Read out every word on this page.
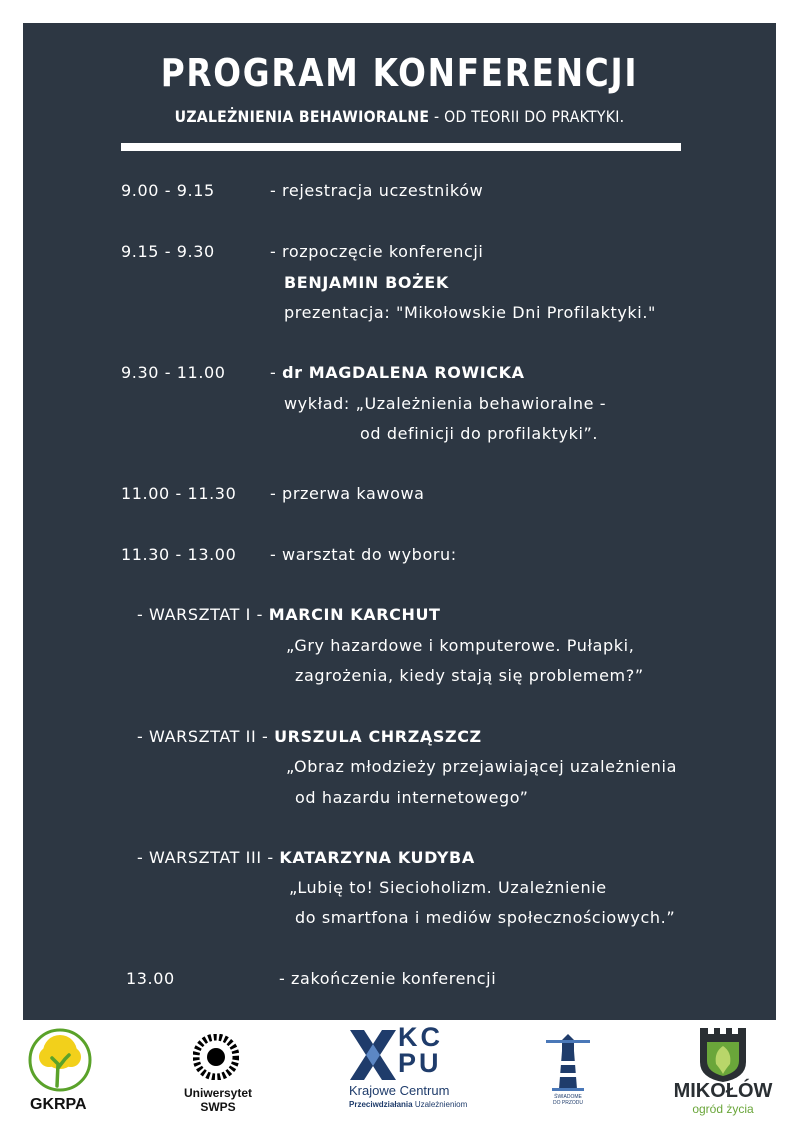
PROGRAM KONFERENCJI
UZALEŻNIENIA BEHAWIORALNE - OD TEORII DO PRAKTYKI.
9.00 - 9.15	- rejestracja uczestników
9.15 - 9.30	- rozpoczęcie konferencji
BENJAMIN BOŻEK
prezentacja: "Mikołowskie Dni Profilaktyki."
9.30 - 11.00	- dr MAGDALENA ROWICKA
wykład: „Uzależnienia behawioralne -
od definicji do profilaktyki”.
11.00 - 11.30 - przerwa kawowa
11.30 - 13.00 - warsztat do wyboru:
- WARSZTAT I - MARCIN KARCHUT
„Gry hazardowe i komputerowe. Pułapki,
zagrożenia, kiedy stają się problemem?”
- WARSZTAT II - URSZULA CHRZĄSZCZ
„Obraz młodzieży przejawiającej uzależnienia
od hazardu internetowego”
- WARSZTAT III - KATARZYNA KUDYBA
„Lubię to! Siecioholizm. Uzależnienie
do smartfona i mediów społecznościowych.”
13.00	- zakończenie konferencji
GKRPA
Uniwersytet
SWPS
KCPU
Krajowe Centrum
Przeciwdziałania Uzależnieniom
ŚWIADOME
DO PRZODU
MIKOŁÓW
ogród życia
